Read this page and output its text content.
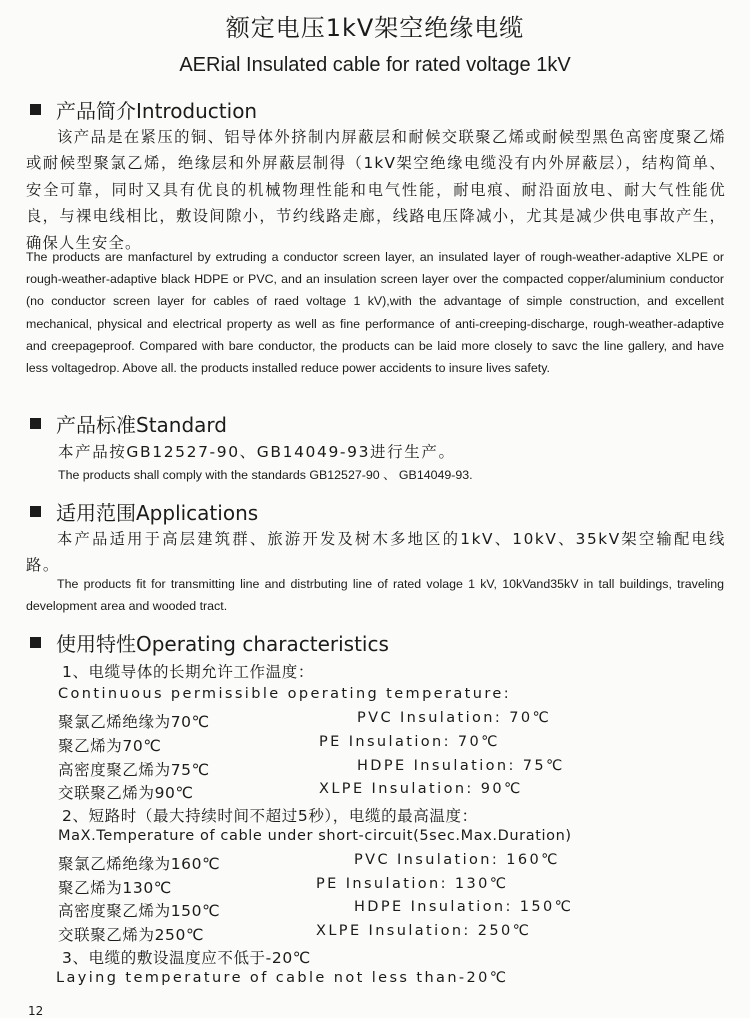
额定电压1kV架空绝缘电缆
AERial Insulated cable for rated voltage 1kV
产品简介Introduction
该产品是在紧压的铜、铝导体外挤制内屏蔽层和耐候交联聚乙烯或耐候型黑色高密度聚乙烯或耐候型聚氯乙烯，绝缘层和外屏蔽层制得（1kV架空绝缘电缆没有内外屏蔽层），结构简单、安全可靠，同时又具有优良的机械物理性能和电气性能，耐电痕、耐沿面放电、耐大气性能优良，与裸电线相比，敷设间隙小，节约线路走廊，线路电压降减小，尤其是减少供电事故产生，确保人生安全。
The products are manfacturel by extruding a conductor screen layer, an insulated layer of rough-weather-adaptive XLPE or rough-weather-adaptive black HDPE or PVC, and an insulation screen layer over the compacted copper/aluminium conductor (no conductor screen layer for cables of raed voltage 1 kV),with the advantage of simple construction, and excellent mechanical, physical and electrical property as well as fine performance of anti-creeping-discharge, rough-weather-adaptive and creepageproof. Compared with bare conductor, the products can be laid more closely to savc the line gallery, and have less voltagedrop. Above all. the products installed reduce power accidents to insure lives safety.
产品标准Standard
本产品按GB12527-90、GB14049-93进行生产。
The products shall comply with the standards GB12527-90 、 GB14049-93.
适用范围Applications
本产品适用于高层建筑群、旅游开发及树木多地区的1kV、10kV、35kV架空输配电线路。
The products fit for transmitting line and distrbuting line of rated volage 1 kV, 10kVand35kV in tall buildings, traveling development area and wooded tract.
使用特性Operating characteristics
1、电缆导体的长期允许工作温度：
Continuous permissible operating temperature:
聚氯乙烯绝缘为70℃	PVC Insulation: 70℃
聚乙烯为70℃	PE Insulation: 70℃
高密度聚乙烯为75℃	HDPE Insulation: 75℃
交联聚乙烯为90℃	XLPE Insulation: 90℃
2、短路时（最大持续时间不超过5秒），电缆的最高温度：
MaX.Temperature of cable under short-circuit(5sec.Max.Duration)
聚氯乙烯绝缘为160℃	PVC Insulation: 160℃
聚乙烯为130℃	PE Insulation: 130℃
高密度聚乙烯为150℃	HDPE Insulation: 150℃
交联聚乙烯为250℃	XLPE Insulation: 250℃
3、电缆的敷设温度应不低于-20℃
Laying temperature of cable not less than-20℃
12
